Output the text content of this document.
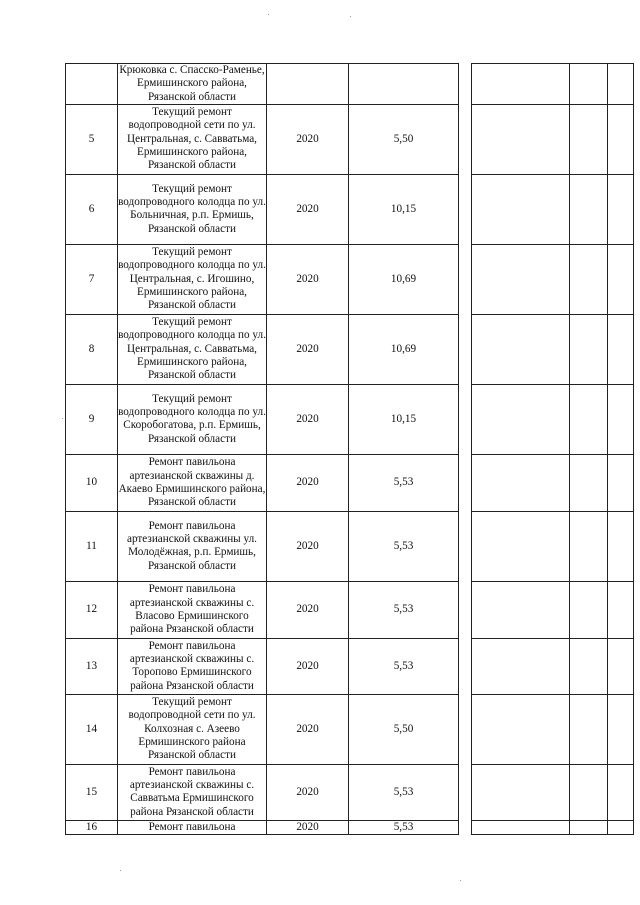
	Крюковка с. Спасско-Раменье, Ермишинского района, Рязанской области						
5	Текущий ремонт водопроводной сети по ул. Центральная, с. Савватьма, Ермишинского района, Рязанской области	2020	5,50				
6	Текущий ремонт водопроводного колодца по ул. Больничная, р.п. Ермишь, Рязанской области	2020	10,15				
7	Текущий ремонт водопроводного колодца по ул. Центральная, с. Игошино, Ермишинского района, Рязанской области	2020	10,69				
8	Текущий ремонт водопроводного колодца по ул. Центральная, с. Савватьма, Ермишинского района, Рязанской области	2020	10,69				
9	Текущий ремонт водопроводного колодца по ул. Скоробогатова, р.п. Ермишь, Рязанской области	2020	10,15				
10	Ремонт павильона артезианской скважины д. Акаево Ермишинского района, Рязанской области	2020	5,53				
11	Ремонт павильона артезианской скважины ул. Молодёжная, р.п. Ермишь, Рязанской области	2020	5,53				
12	Ремонт павильона артезианской скважины с. Власово Ермишинского района Рязанской области	2020	5,53				
13	Ремонт павильона артезианской скважины с. Торопово Ермишинского района Рязанской области	2020	5,53				
14	Текущий ремонт водопроводной сети по ул. Колхозная с. Азеево Ермишинского района Рязанской области	2020	5,50				
15	Ремонт павильона артезианской скважины с. Савватьма Ермишинского района Рязанской области	2020	5,53				
16	Ремонт павильона	2020	5,53				
